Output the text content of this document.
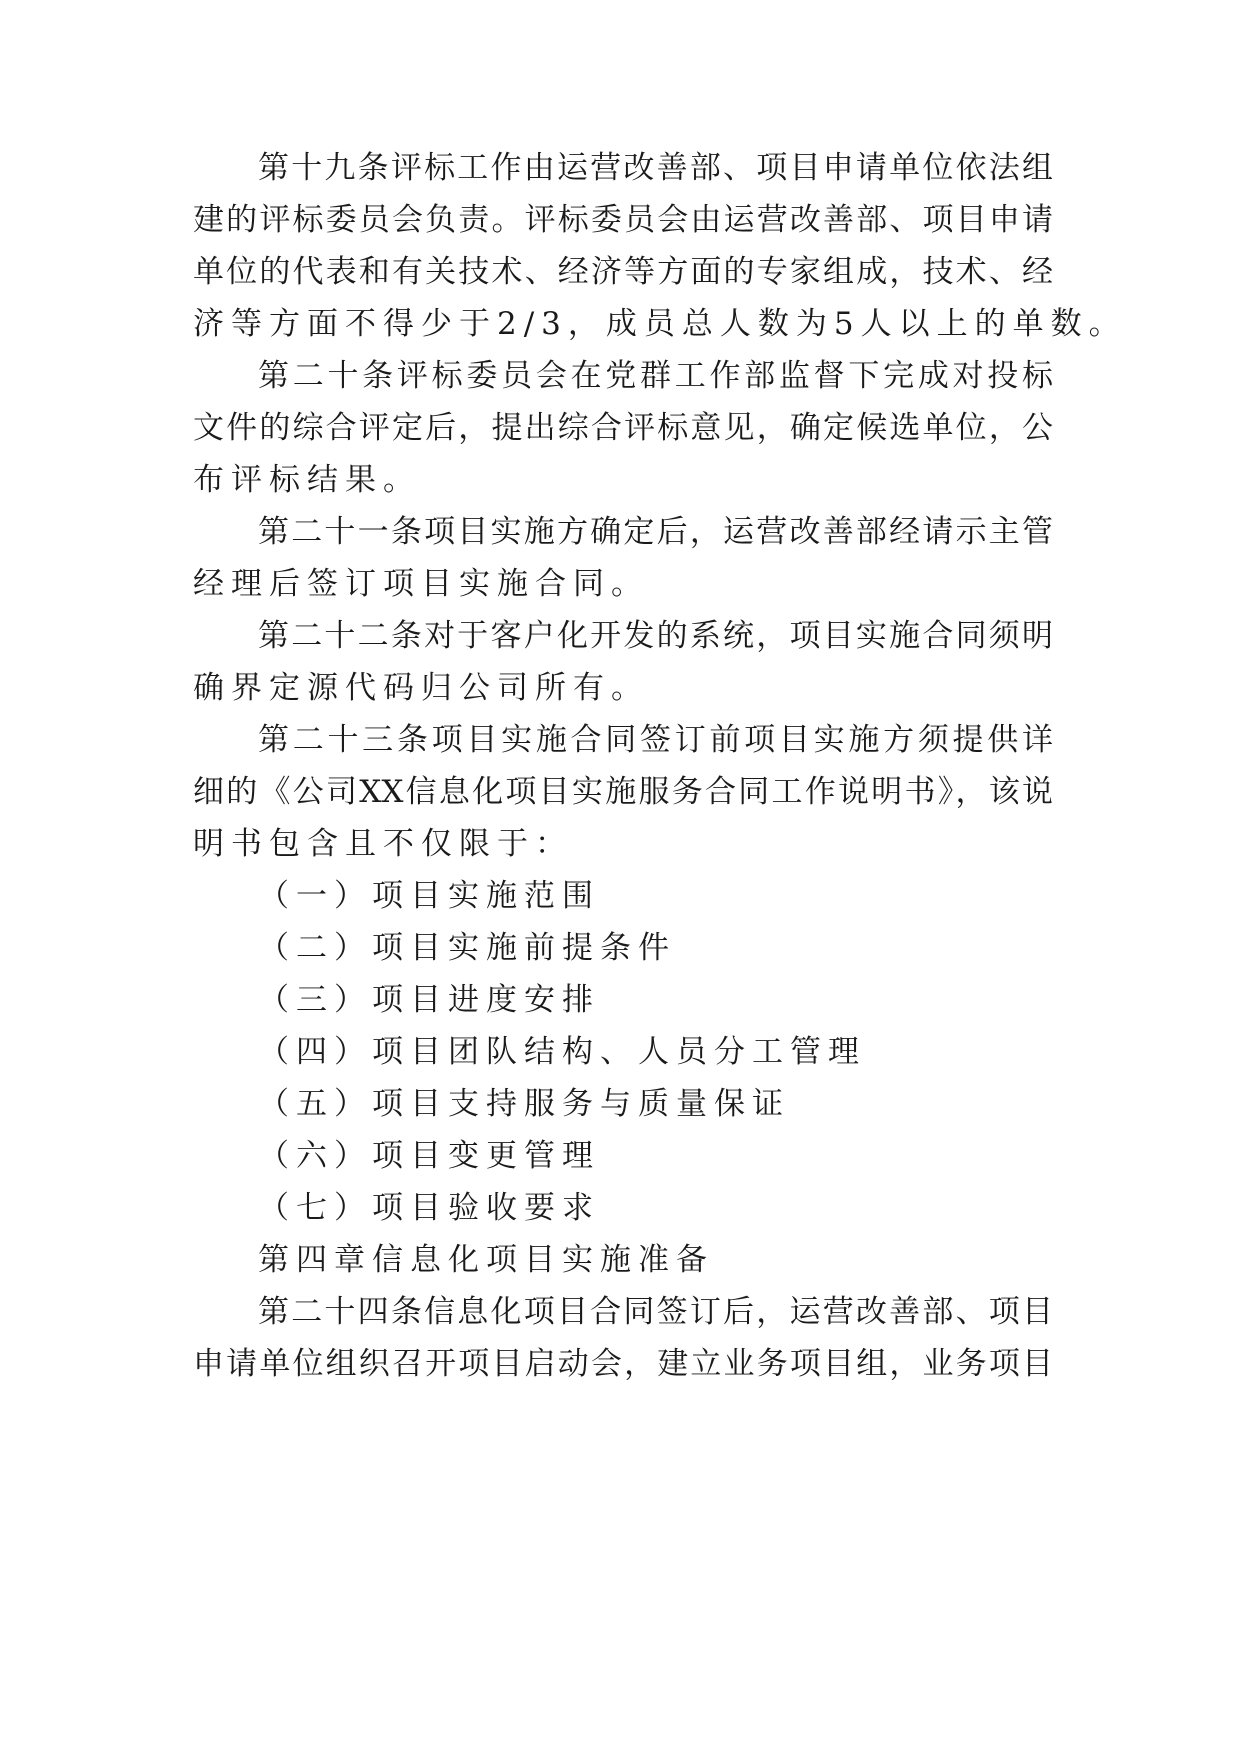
第十九条评标工作由运营改善部、项目申请单位依法组
建的评标委员会负责。评标委员会由运营改善部、项目申请
单位的代表和有关技术、经济等方面的专家组成，技术、经
济等方面不得少于2/3，成员总人数为5人以上的单数。
第二十条评标委员会在党群工作部监督下完成对投标
文件的综合评定后，提出综合评标意见，确定候选单位，公
布评标结果。
第二十一条项目实施方确定后，运营改善部经请示主管
经理后签订项目实施合同。
第二十二条对于客户化开发的系统，项目实施合同须明
确界定源代码归公司所有。
第二十三条项目实施合同签订前项目实施方须提供详
细的《公司XX信息化项目实施服务合同工作说明书》，该说
明书包含且不仅限于：
（一）项目实施范围
（二）项目实施前提条件
（三）项目进度安排
（四）项目团队结构、人员分工管理
（五）项目支持服务与质量保证
（六）项目变更管理
（七）项目验收要求
第四章信息化项目实施准备
第二十四条信息化项目合同签订后，运营改善部、项目
申请单位组织召开项目启动会，建立业务项目组，业务项目
